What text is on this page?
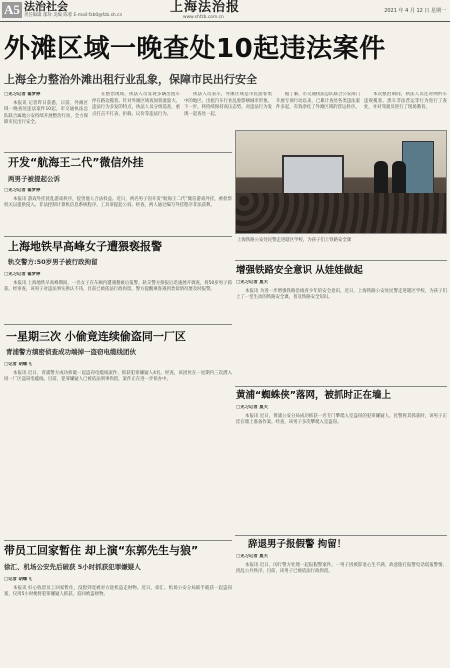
A5 法治社会
责任编辑 邵珍 美编 陈蓉 E-mail:fzb0@fzb.sh.cn
上海法治报
www.shfzb.com.cn
2021 年 4 月 12 日 星期一
外滩区域一晚查处10起违法案件
上海全力整治外滩出租行业乱象，保障市民出行安全
□见习记者 翟梦婷

本报讯 记者昨日获悉，日前，外滩区域一晚查处违法案件10起，市交通执法总队联合属地公安持续开展整治行动，全力保障市民出行安全。

在整治现场，执法人员发现多辆出租车停在路边揽客。针对外滩区域夜间客流量大、违法行为多发的特点，执法人员分组巡查，重点打击不打表、拒载、议价等违法行为。

执法人员表示，外滩区域是市民游客集中的地区，出租汽车行业乱象影响城市形象。下一步，将持续保持高压态势，对违法行为发现一起查处一起。

据了解，市交通执法总队联合公安部门开展专项行动以来，已累计查处各类违法案件多起，有效净化了外滩区域的营运秩序。

本次整治期间，执法人员还对网约车违规揽客、黑车非法营运等行为进行了查处，并对驾驶员进行了现场教育。

上海铁路公安处民警走进辖区学校，为孩子们上铁路安全课
开发“航海王二代”微信外挂
两男子被提起公诉
□见习记者 翟梦婷

本报讯 游戏外挂扰乱游戏秩序，侵害他人合法权益。近日，两名男子因开发“航海王二代”微信游戏外挂，被检察机关以提供侵入、非法控制计算机信息系统程序、工具罪提起公诉。经查，两人通过编写外挂程序非法获利。

上海地铁早高峰女子遭猥亵报警
轨交警方:50岁男子被行政拘留
□见习记者 翟梦婷

本报讯 上海地铁早高峰期间，一名女子在车厢内遭遇猥亵后报警。轨交警方接报后迅速展开调查，将50岁男子抓获。经审查，该男子对违法事实供认不讳，目前已被依法行政拘留。警方提醒乘客遇到类似情况要及时报警。

一星期三次 小偷竟连续偷盗同一厂区
青浦警方缜密侦查成功端掉一盗窃电缆线团伙
□记者 胡蝶飞

本报讯 近日，青浦警方成功侦破一起盗窃电缆线案件，抓获犯罪嫌疑人4名。经查，该团伙在一星期内三次潜入同一厂区盗窃电缆线。目前，犯罪嫌疑人已被依法刑事拘留，案件正在进一步侦办中。

带员工回家暂住 却上演“东郭先生与狼”
徐汇、机场公安先后破获 5小时抓获犯罪嫌疑人
□记者 胡蝶飞

本报讯 好心收留员工回家暂住，没想到竟被对方趁机盗走财物。近日，徐汇、机场公安分局联手破获一起盗窃案，仅用5小时便将犯罪嫌疑人抓获，追回被盗财物。

增强铁路安全意识 从娃娃做起
□见习记者 夏天

本报讯 为进一步增强铁路沿线青少年的安全意识，近日，上海铁路公安处民警走进辖区学校，为孩子们上了一堂生动的铁路安全课，普及铁路安全知识。

黄浦“蜘蛛侠”落网，被抓时正在墙上
□见习记者 夏天

本报讯 近日，黄浦公安分局成功抓获一名专门攀爬入室盗窃的犯罪嫌疑人，民警将其抓获时，该男子正挂在墙上准备作案。经查，该男子多次攀爬入室盗窃。

辞退男子报假警 拘留！
□见习记者 夏天

本报讯 近日，闵行警方处理一起报假警案件。一男子因被辞退心生不满，故意拨打报警电话谎报警情，扰乱公共秩序。目前，该男子已被依法行政拘留。
